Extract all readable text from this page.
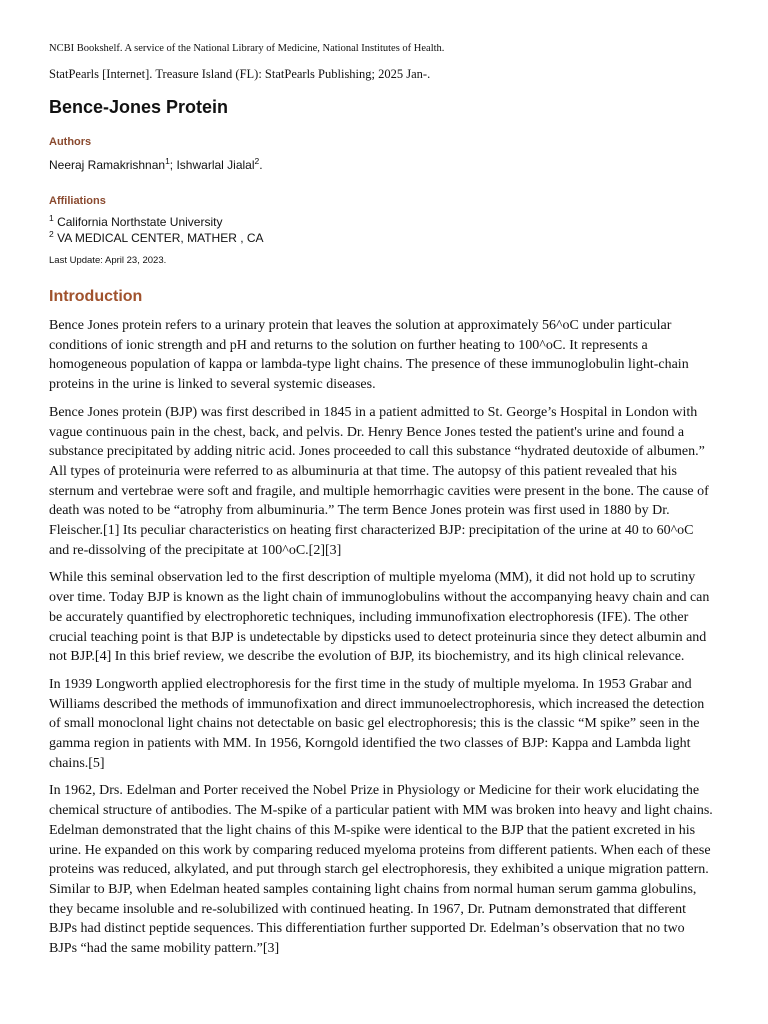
NCBI Bookshelf. A service of the National Library of Medicine, National Institutes of Health.

StatPearls [Internet]. Treasure Island (FL): StatPearls Publishing; 2025 Jan-.

Bence-Jones Protein

Authors

Neeraj Ramakrishnan$^1$; Ishwarlal Jialal$^2$.

Affiliations

$^1$ California Northstate University

$^2$ VA MEDICAL CENTER, MATHER , CA

Last Update: April 23, 2023.

Introduction

Bence Jones protein refers to a urinary protein that leaves the solution at approximately 56^oC under particular conditions of ionic strength and pH and returns to the solution on further heating to 100^oC. It represents a homogeneous population of kappa or lambda-type light chains. The presence of these immunoglobulin light-chain proteins in the urine is linked to several systemic diseases.

Bence Jones protein (BJP) was first described in 1845 in a patient admitted to St. George’s Hospital in London with vague continuous pain in the chest, back, and pelvis. Dr. Henry Bence Jones tested the patient's urine and found a substance precipitated by adding nitric acid. Jones proceeded to call this substance “hydrated deutoxide of albumen.” All types of proteinuria were referred to as albuminuria at that time. The autopsy of this patient revealed that his sternum and vertebrae were soft and fragile, and multiple hemorrhagic cavities were present in the bone. The cause of death was noted to be “atrophy from albuminuria.” The term Bence Jones protein was first used in 1880 by Dr. Fleischer.[1] Its peculiar characteristics on heating first characterized BJP: precipitation of the urine at 40 to 60^oC and re-dissolving of the precipitate at 100^oC.[2][3]

While this seminal observation led to the first description of multiple myeloma (MM), it did not hold up to scrutiny over time. Today BJP is known as the light chain of immunoglobulins without the accompanying heavy chain and can be accurately quantified by electrophoretic techniques, including immunofixation electrophoresis (IFE). The other crucial teaching point is that BJP is undetectable by dipsticks used to detect proteinuria since they detect albumin and not BJP.[4] In this brief review, we describe the evolution of BJP, its biochemistry, and its high clinical relevance.

In 1939 Longworth applied electrophoresis for the first time in the study of multiple myeloma. In 1953 Grabar and Williams described the methods of immunofixation and direct immunoelectrophoresis, which increased the detection of small monoclonal light chains not detectable on basic gel electrophoresis; this is the classic “M spike” seen in the gamma region in patients with MM. In 1956, Korngold identified the two classes of BJP: Kappa and Lambda light chains.[5]

In 1962, Drs. Edelman and Porter received the Nobel Prize in Physiology or Medicine for their work elucidating the chemical structure of antibodies. The M-spike of a particular patient with MM was broken into heavy and light chains. Edelman demonstrated that the light chains of this M-spike were identical to the BJP that the patient excreted in his urine. He expanded on this work by comparing reduced myeloma proteins from different patients. When each of these proteins was reduced, alkylated, and put through starch gel electrophoresis, they exhibited a unique migration pattern. Similar to BJP, when Edelman heated samples containing light chains from normal human serum gamma globulins, they became insoluble and re-solubilized with continued heating. In 1967, Dr. Putnam demonstrated that different BJPs had distinct peptide sequences. This differentiation further supported Dr. Edelman’s observation that no two BJPs “had the same mobility pattern.”[3]
